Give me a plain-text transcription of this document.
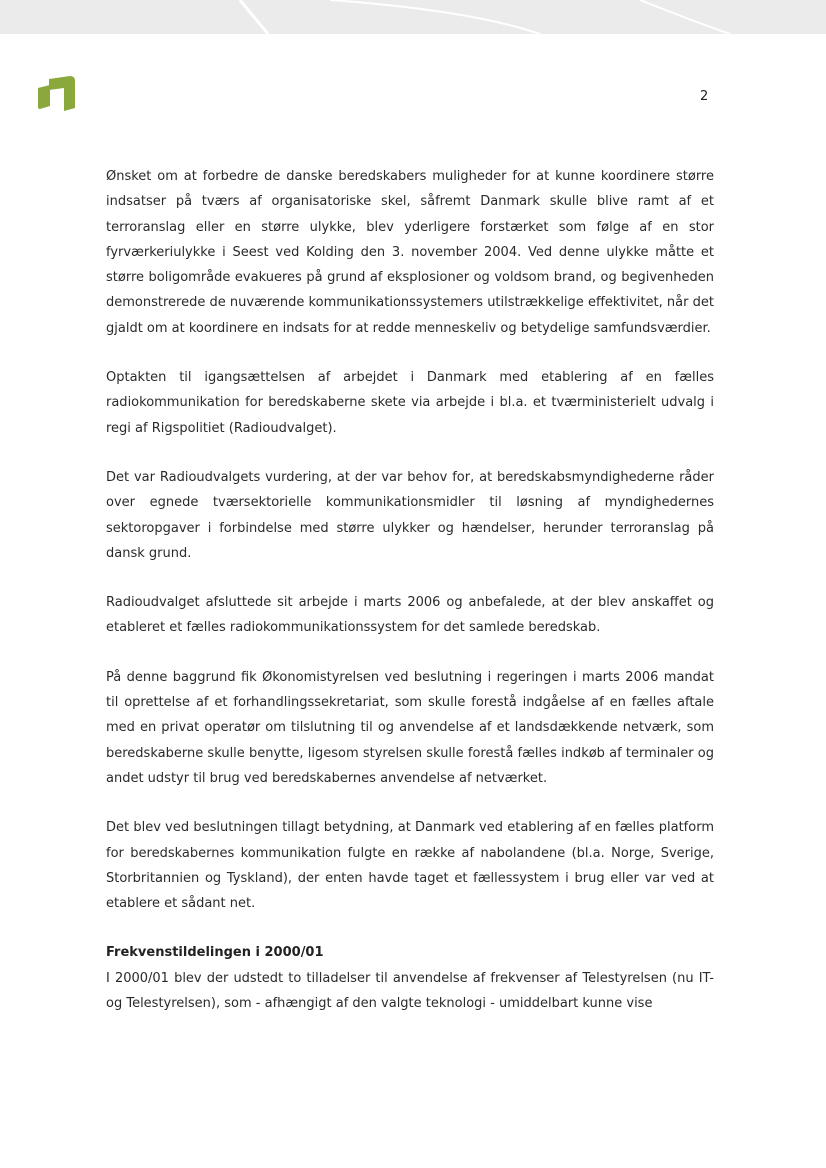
2

Ønsket om at forbedre de danske beredskabers muligheder for at kunne koordinere større indsatser på tværs af organisatoriske skel, såfremt Danmark skulle blive ramt af et terroranslag eller en større ulykke, blev yderligere forstærket som følge af en stor fyrværkeriulykke i Seest ved Kolding den 3. november 2004. Ved denne ulykke måtte et større boligområde evakueres på grund af eksplosioner og voldsom brand, og begivenheden demonstrerede de nuværende kommunikationssystemers utilstrækkelige effektivitet, når det gjaldt om at koordinere en indsats for at redde menneskeliv og betydelige samfundsværdier.

Optakten til igangsættelsen af arbejdet i Danmark med etablering af en fælles radiokommunikation for beredskaberne skete via arbejde i bl.a. et tværministerielt udvalg i regi af Rigspolitiet (Radioudvalget).

Det var Radioudvalgets vurdering, at der var behov for, at beredskabsmyndighederne råder over egnede tværsektorielle kommunikationsmidler til løsning af myndighedernes sektoropgaver i forbindelse med større ulykker og hændelser, herunder terroranslag på dansk grund.

Radioudvalget afsluttede sit arbejde i marts 2006 og anbefalede, at der blev anskaffet og etableret et fælles radiokommunikationssystem for det samlede beredskab.

På denne baggrund fik Økonomistyrelsen ved beslutning i regeringen i marts 2006 mandat til oprettelse af et forhandlingssekretariat, som skulle forestå indgåelse af en fælles aftale med en privat operatør om tilslutning til og anvendelse af et landsdækkende netværk, som beredskaberne skulle benytte, ligesom styrelsen skulle forestå fælles indkøb af terminaler og andet udstyr til brug ved beredskabernes anvendelse af netværket.

Det blev ved beslutningen tillagt betydning, at Danmark ved etablering af en fælles platform for beredskabernes kommunikation fulgte en række af nabolandene (bl.a. Norge, Sverige, Storbritannien og Tyskland), der enten havde taget et fællessystem i brug eller var ved at etablere et sådant net.

Frekvenstildelingen i 2000/01

I 2000/01 blev der udstedt to tilladelser til anvendelse af frekvenser af Telestyrelsen (nu IT- og Telestyrelsen), som - afhængigt af den valgte teknologi - umiddelbart kunne vise
